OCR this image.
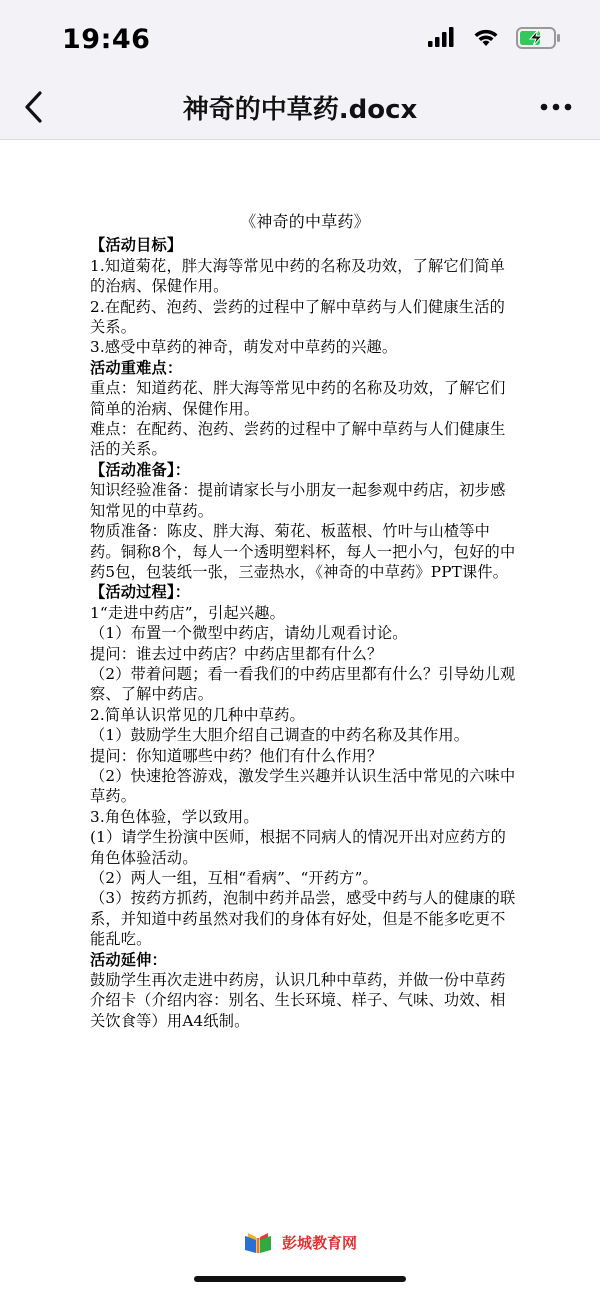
19:46
神奇的中草药.docx
《神奇的中草药》
【活动目标】
1.知道菊花，胖大海等常见中药的名称及功效，了解它们简单的治病、保健作用。
2.在配药、泡药、尝药的过程中了解中草药与人们健康生活的关系。
3.感受中草药的神奇，萌发对中草药的兴趣。
活动重难点：
重点：知道药花、胖大海等常见中药的名称及功效，了解它们简单的治病、保健作用。
难点：在配药、泡药、尝药的过程中了解中草药与人们健康生活的关系。
【活动准备】：
知识经验准备：提前请家长与小朋友一起参观中药店，初步感知常见的中草药。
物质准备：陈皮、胖大海、菊花、板蓝根、竹叶与山楂等中药。铜称8个，每人一个透明塑料杯，每人一把小勺，包好的中药5包，包装纸一张，三壶热水，《神奇的中草药》PPT课件。
【活动过程】：
1“走进中药店”，引起兴趣。
（1）布置一个微型中药店，请幼儿观看讨论。
提问：谁去过中药店？中药店里都有什么？
（2）带着问题；看一看我们的中药店里都有什么？引导幼儿观察、了解中药店。
2.简单认识常见的几种中草药。
（1）鼓励学生大胆介绍自己调查的中药名称及其作用。
提问：你知道哪些中药？他们有什么作用？
（2）快速抢答游戏，激发学生兴趣并认识生活中常见的六味中草药。
3.角色体验，学以致用。
(1）请学生扮演中医师，根据不同病人的情况开出对应药方的角色体验活动。
（2）两人一组，互相“看病”、“开药方”。
（3）按药方抓药，泡制中药并品尝，感受中药与人的健康的联系，并知道中药虽然对我们的身体有好处，但是不能多吃更不能乱吃。
活动延伸：
鼓励学生再次走进中药房，认识几种中草药，并做一份中草药介绍卡（介绍内容：别名、生长环境、样子、气味、功效、相关饮食等）用A4纸制。
彭城教育网
